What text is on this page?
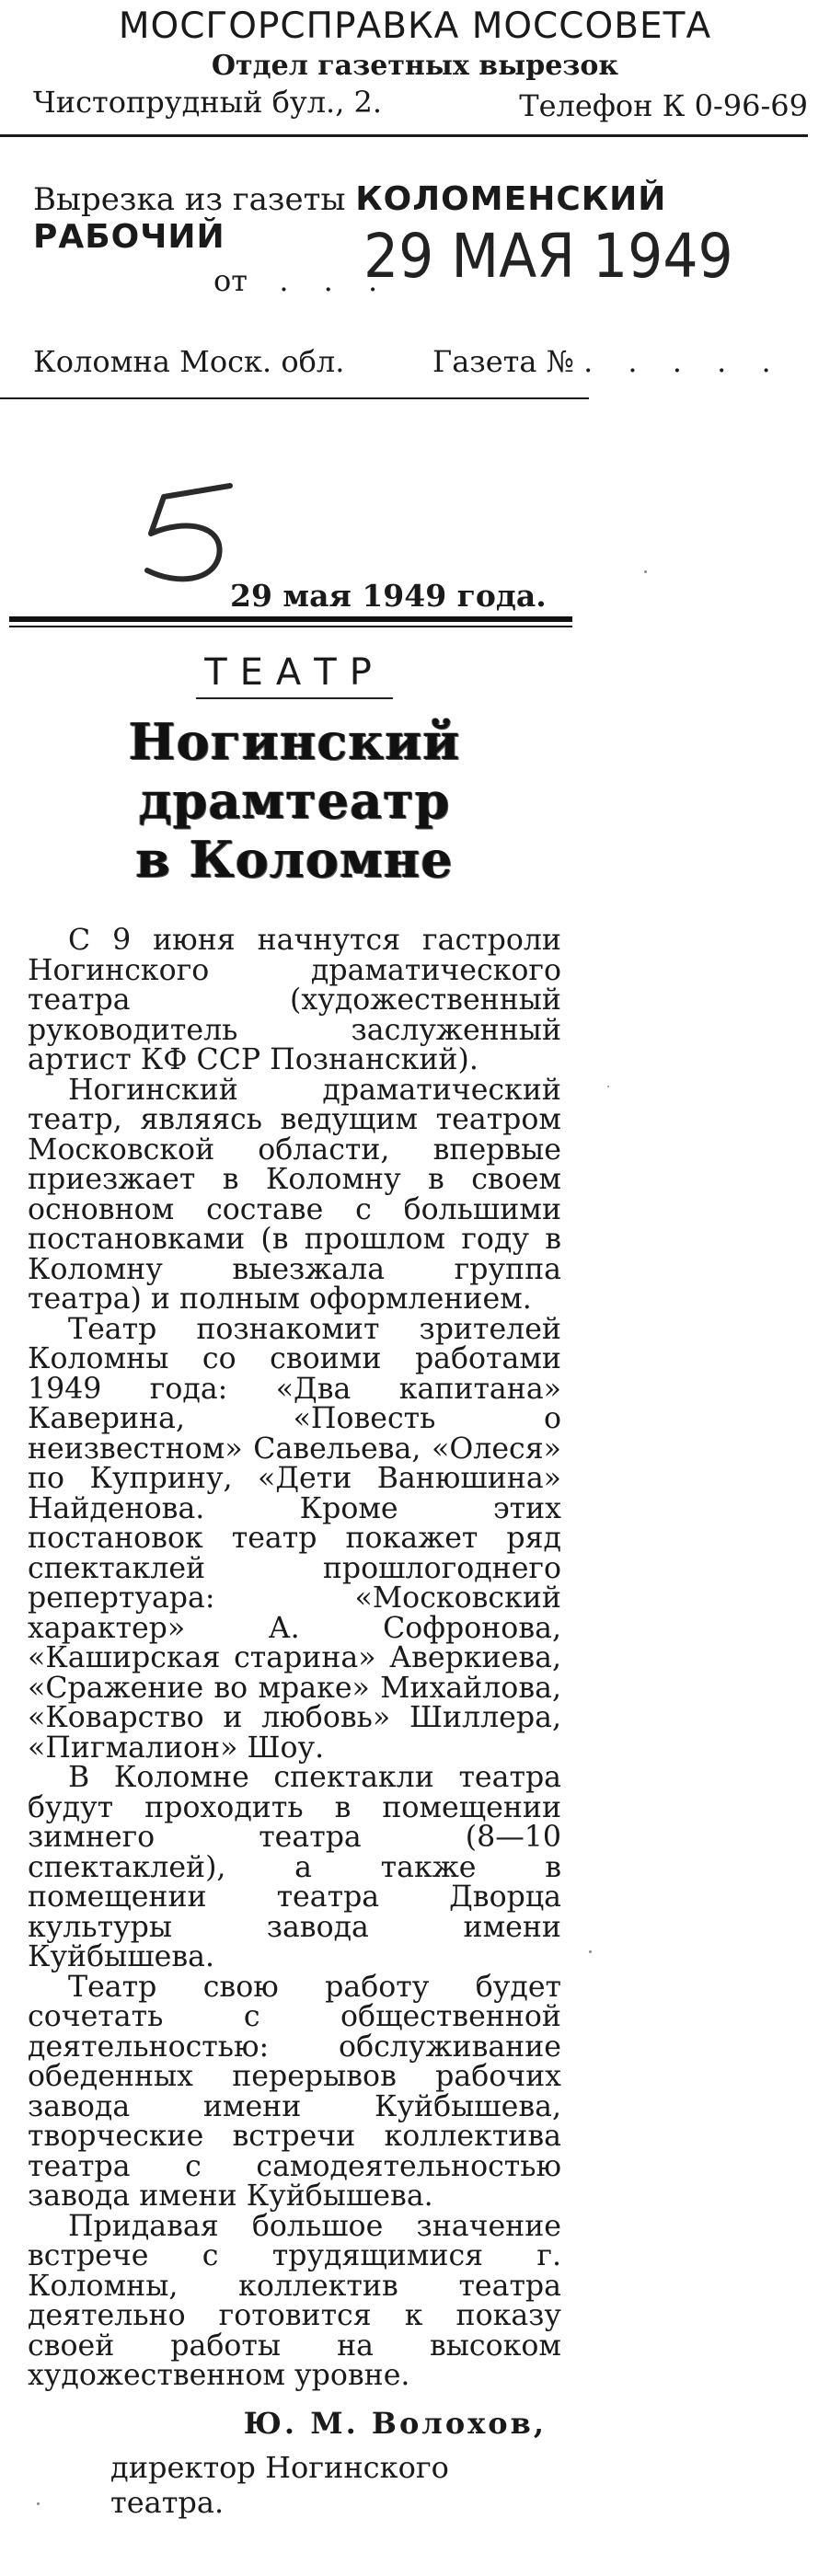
МОСГОРСПРАВКА МОССОВЕТА
Отдел газетных вырезок
Чистопрудный бул., 2.	Телефон К 0-96-69
Вырезка из газеты КОЛОМЕНСКИЙ РАБОЧИЙ
от  . . .
29 МАЯ 1949
Коломна Моск. обл.	Газета № . . . . .
29 мая 1949 года.
ТЕАТР
Ногинский
драмтеатр
в Коломне

С 9 июня начнутся гастроли Ногинского драматического театра (художественный руководитель заслуженный артист КФ ССР Познанский).

Ногинский драматический театр, являясь ведущим театром Московской области, впервые приезжает в Коломну в своем основном составе с большими постановками (в прошлом году в Коломну выезжала группа театра) и полным оформлением.

Театр познакомит зрителей Коломны со своими работами 1949 года: «Два капитана» Каверина, «Повесть о неизвестном» Савельева, «Олеся» по Куприну, «Дети Ванюшина» Найденова. Кроме этих постановок театр покажет ряд спектаклей прошлогоднего репертуара: «Московский характер» А. Софронова, «Каширская старина» Аверкиева, «Сражение во мраке» Михайлова, «Коварство и любовь» Шиллера, «Пигмалион» Шоу.

В Коломне спектакли театра будут проходить в помещении зимнего театра (8—10 спектаклей), а также в помещении театра Дворца культуры завода имени Куйбышева.

Театр свою работу будет сочетать с общественной деятельностью: обслуживание обеденных перерывов рабочих завода имени Куйбышева, творческие встречи коллектива театра с самодеятельностью завода имени Куйбышева.

Придавая большое значение встрече с трудящимися г. Коломны, коллектив театра деятельно готовится к показу своей работы на высоком художественном уровне.

Ю. М. Волохов,
директор Ногинского театра.
